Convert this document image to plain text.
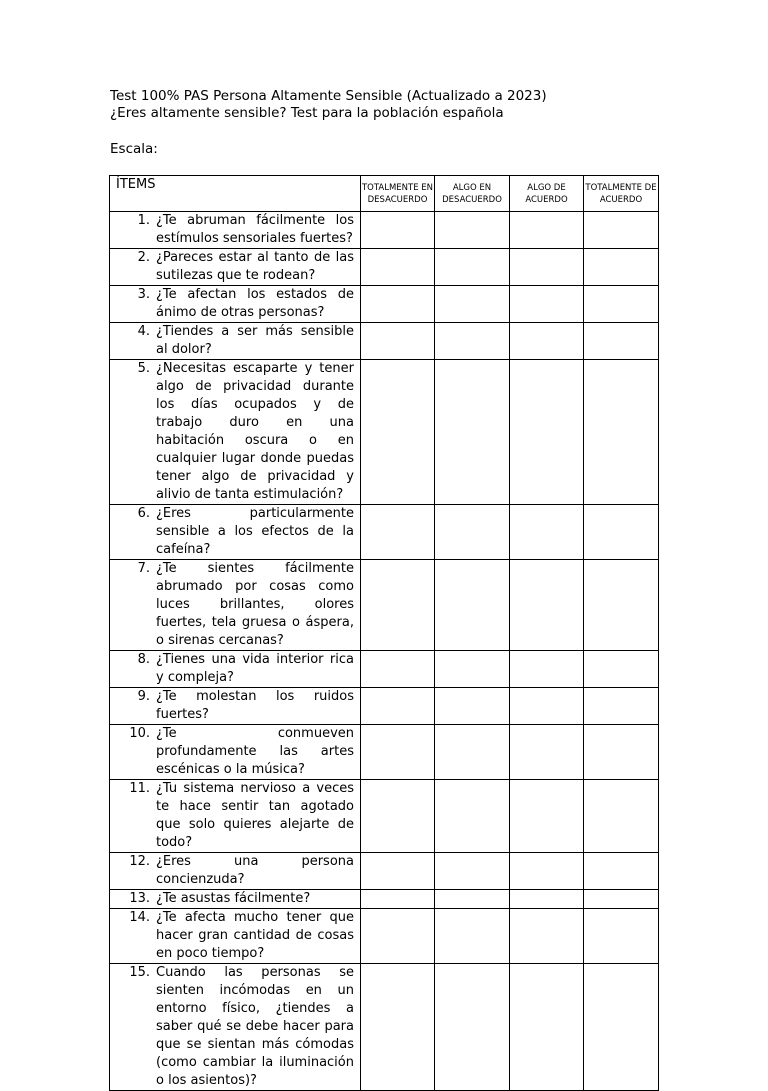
Test 100% PAS Persona Altamente Sensible (Actualizado a 2023)
¿Eres altamente sensible? Test para la población española
Escala:
ÍTEMS	TOTALMENTE EN DESACUERDO	ALGO EN DESACUERDO	ALGO DE ACUERDO	TOTALMENTE DE ACUERDO

1. ¿Te abruman fácilmente los estímulos sensoriales fuertes?				

2. ¿Pareces estar al tanto de las sutilezas que te rodean?				

3. ¿Te afectan los estados de ánimo de otras personas?				

4. ¿Tiendes a ser más sensible al dolor?				

5. ¿Necesitas escaparte y tener algo de privacidad durante los días ocupados y de trabajo duro en una habitación oscura o en cualquier lugar donde puedas tener algo de privacidad y alivio de tanta estimulación?				

6. ¿Eres particularmente sensible a los efectos de la cafeína?				

7. ¿Te sientes fácilmente abrumado por cosas como luces brillantes, olores fuertes, tela gruesa o áspera, o sirenas cercanas?				

8. ¿Tienes una vida interior rica y compleja?				

9. ¿Te molestan los ruidos fuertes?				

10. ¿Te conmueven profundamente las artes escénicas o la música?				

11. ¿Tu sistema nervioso a veces te hace sentir tan agotado que solo quieres alejarte de todo?				

12. ¿Eres una persona concienzuda?				

13. ¿Te asustas fácilmente?				

14. ¿Te afecta mucho tener que hacer gran cantidad de cosas en poco tiempo?				

15. Cuando las personas se sienten incómodas en un entorno físico, ¿tiendes a saber qué se debe hacer para que se sientan más cómodas (como cambiar la iluminación o los asientos)?				
